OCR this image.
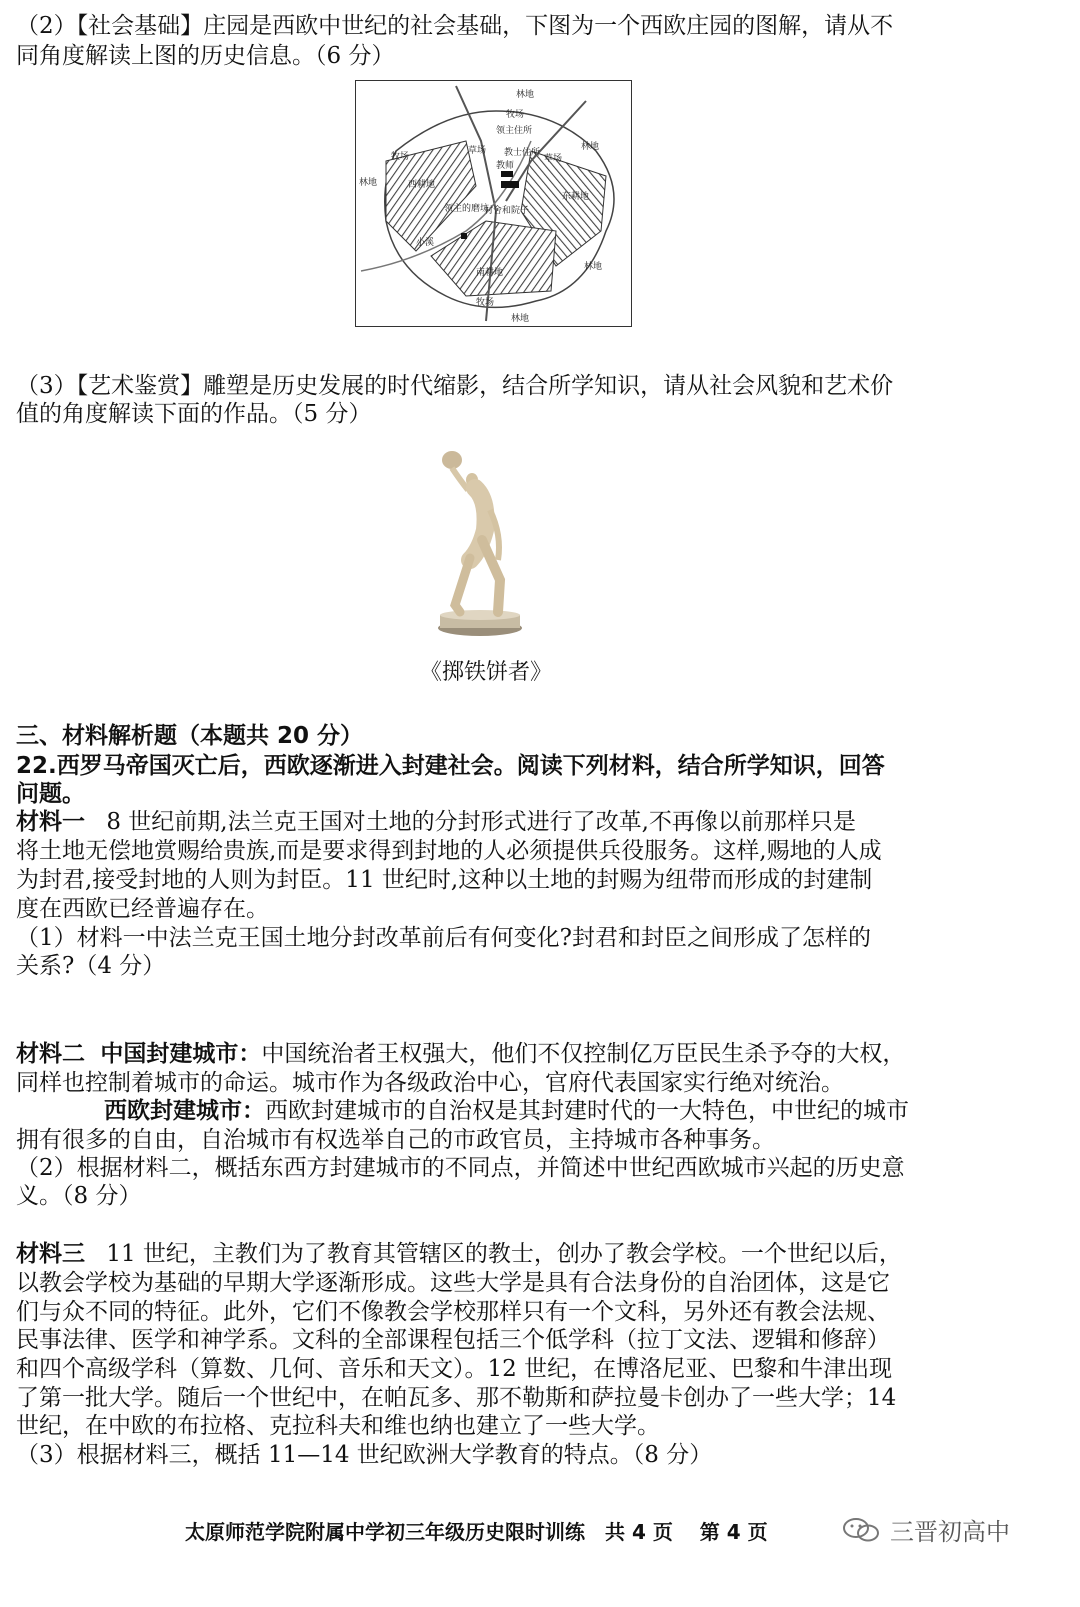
（2）【社会基础】庄园是西欧中世纪的社会基础，下图为一个西欧庄园的图解，请从不
同角度解读上图的历史信息。（6 分）
林地
牧场
领主住所
教士住所
教师
草场
草场
牧场
林地
林地	西耕地
东耕地
领主的磨坊
村舍和院子
小溪
南耕地
林地
牧场
林地
（3）【艺术鉴赏】雕塑是历史发展的时代缩影，结合所学知识，请从社会风貌和艺术价
值的角度解读下面的作品。（5 分）
《掷铁饼者》
三、材料解析题（本题共 20 分）
22.西罗马帝国灭亡后，西欧逐渐进入封建社会。阅读下列材料，结合所学知识，回答
问题。
材料一 8 世纪前期,法兰克王国对土地的分封形式进行了改革,不再像以前那样只是
将土地无偿地赏赐给贵族,而是要求得到封地的人必须提供兵役服务。这样,赐地的人成
为封君,接受封地的人则为封臣。11 世纪时,这种以土地的封赐为纽带而形成的封建制
度在西欧已经普遍存在。
（1）材料一中法兰克王国土地分封改革前后有何变化?封君和封臣之间形成了怎样的
关系?（4 分）
材料二 中国封建城市：中国统治者王权强大，他们不仅控制亿万臣民生杀予夺的大权，
同样也控制着城市的命运。城市作为各级政治中心，官府代表国家实行绝对统治。
西欧封建城市：西欧封建城市的自治权是其封建时代的一大特色，中世纪的城市
拥有很多的自由，自治城市有权选举自己的市政官员，主持城市各种事务。
（2）根据材料二，概括东西方封建城市的不同点，并简述中世纪西欧城市兴起的历史意
义。（8 分）
材料三 11 世纪，主教们为了教育其管辖区的教士，创办了教会学校。一个世纪以后，
以教会学校为基础的早期大学逐渐形成。这些大学是具有合法身份的自治团体，这是它
们与众不同的特征。此外，它们不像教会学校那样只有一个文科，另外还有教会法规、
民事法律、医学和神学系。文科的全部课程包括三个低学科（拉丁文法、逻辑和修辞）
和四个高级学科（算数、几何、音乐和天文）。12 世纪，在博洛尼亚、巴黎和牛津出现
了第一批大学。随后一个世纪中，在帕瓦多、那不勒斯和萨拉曼卡创办了一些大学；14
世纪，在中欧的布拉格、克拉科夫和维也纳也建立了一些大学。
（3）根据材料三，概括 11—14 世纪欧洲大学教育的特点。（8 分）
太原师范学院附属中学初三年级历史限时训练　共 4 页　 第 4 页	三晋初高中
